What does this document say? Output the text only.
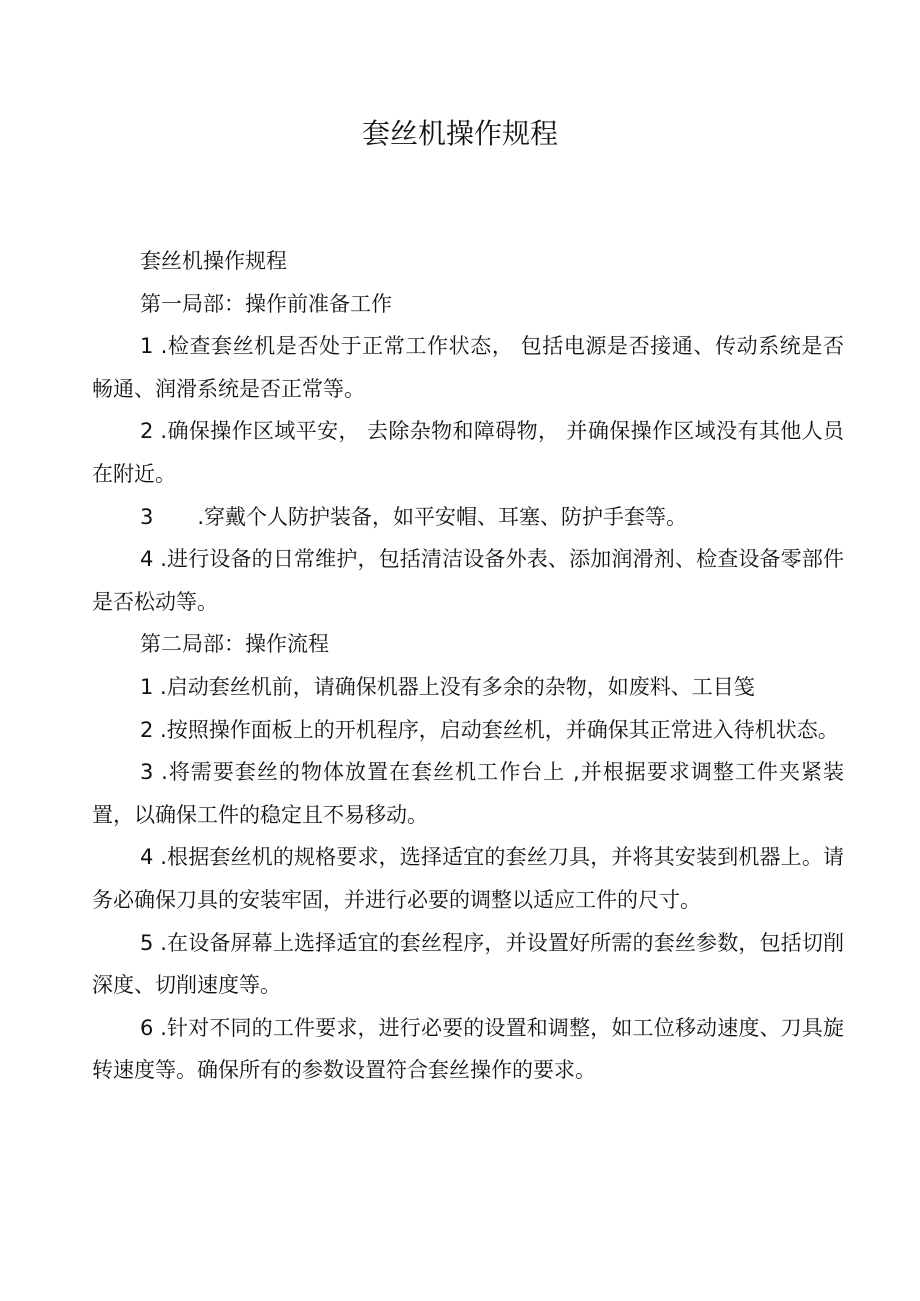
套丝机操作规程

套丝机操作规程

第一局部：操作前准备工作

1 .检查套丝机是否处于正常工作状态， 包括电源是否接通、传动系统是否畅通、润滑系统是否正常等。

2 .确保操作区域平安， 去除杂物和障碍物， 并确保操作区域没有其他人员在附近。

3 .穿戴个人防护装备，如平安帽、耳塞、防护手套等。

4 .进行设备的日常维护，包括清洁设备外表、添加润滑剂、检查设备零部件是否松动等。

第二局部：操作流程

1 .启动套丝机前，请确保机器上没有多余的杂物，如废料、工目笺

2 .按照操作面板上的开机程序，启动套丝机，并确保其正常进入待机状态。

3 .将需要套丝的物体放置在套丝机工作台上 ,并根据要求调整工件夹紧装置，以确保工件的稳定且不易移动。

4 .根据套丝机的规格要求，选择适宜的套丝刀具，并将其安装到机器上。请务必确保刀具的安装牢固，并进行必要的调整以适应工件的尺寸。

5 .在设备屏幕上选择适宜的套丝程序，并设置好所需的套丝参数，包括切削深度、切削速度等。

6 .针对不同的工件要求，进行必要的设置和调整，如工位移动速度、刀具旋转速度等。确保所有的参数设置符合套丝操作的要求。
